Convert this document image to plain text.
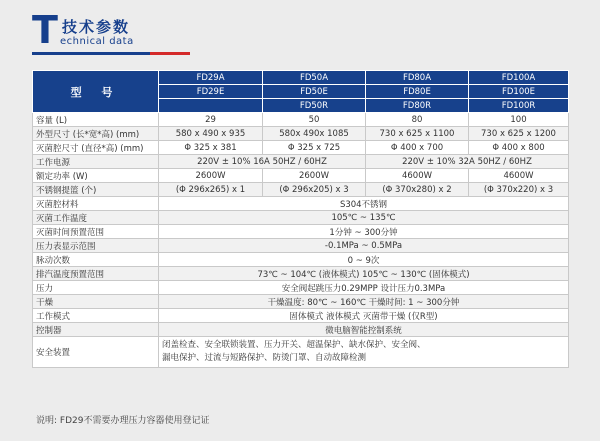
T 技术参数
echnical data
型 号	FD29A	FD50A	FD80A	FD100A
	FD29E	FD50E	FD80E	FD100E
		FD50R	FD80R	FD100R
容量 (L)	29	50	80	100
外型尺寸 (长*宽*高) (mm)	580 x 490 x 935	580x 490x 1085	730 x 625 x 1100	730 x 625 x 1200
灭菌腔尺寸 (直径*高) (mm)	Φ 325 x 381	Φ 325 x 725	Φ 400 x 700	Φ 400 x 800
工作电源	220V ± 10% 16A 50HZ / 60HZ		220V ± 10% 32A 50HZ / 60HZ	
额定功率 (W)	2600W	2600W	4600W	4600W
不锈钢提篮 (个)	(Φ 296x265) x 1	(Φ 296x205) x 3	(Φ 370x280) x 2	(Φ 370x220) x 3
灭菌腔材料	S304不锈钢			
灭菌工作温度	105℃ ~ 135℃			
灭菌时间预置范围	1分钟 ~ 300分钟			
压力表显示范围	-0.1MPa ~ 0.5MPa			
脉动次数	0 ~ 9次			
排汽温度预置范围	73℃ ~ 104℃ (液体模式) 105℃ ~ 130℃ (固体模式)			
压力	安全阀起跳压力0.29MPP 设计压力0.3MPa			
干燥	干燥温度: 80℃ ~ 160℃ 干燥时间: 1 ~ 300分钟			
工作模式	固体模式 液体模式 灭菌带干燥 (仅R型)			
控制器	微电脑智能控制系统			
安全装置	闭盖检查、安全联锁装置、压力开关、超温保护、缺水保护、安全阀、
漏电保护、过流与短路保护、防烫门罩、自动故障检测			
说明: FD29不需要办理压力容器使用登记证
